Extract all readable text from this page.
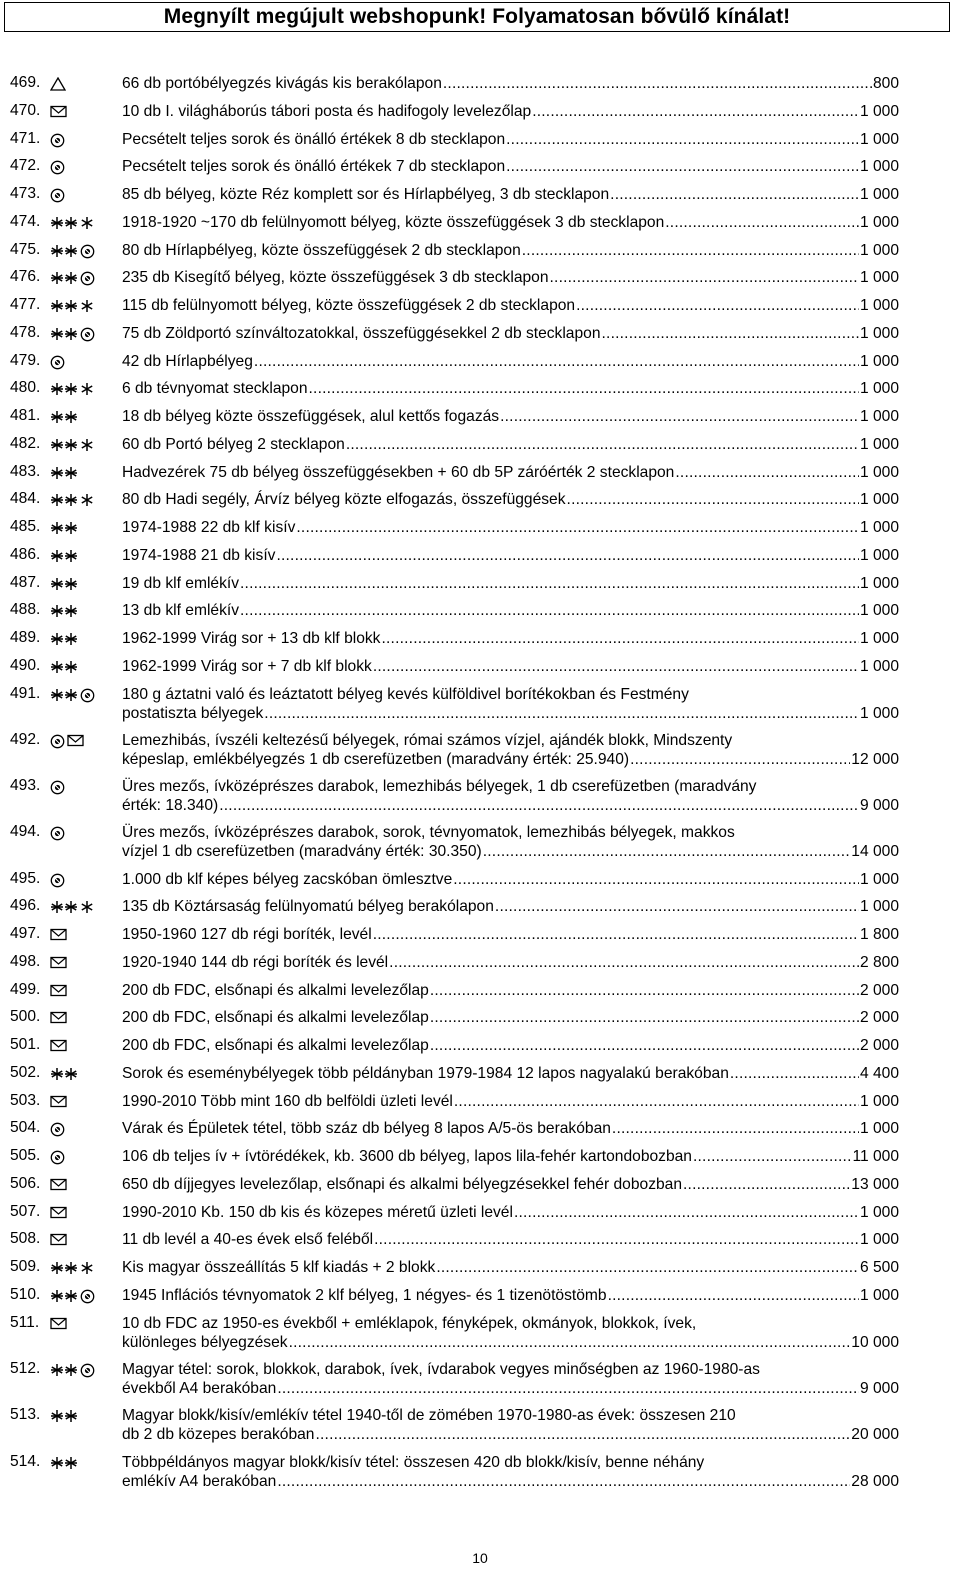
Megnyílt megújult webshopunk! Folyamatosan bővülő kínálat!
469.	66 db portóbélyegzés kivágás kis berakólapon .....	800
470.	10 db I. világháborús tábori posta és hadifogoly levelezőlap .....	1 000
471.	Pecsételt teljes sorok és önálló értékek 8 db stecklapon .....	1 000
472.	Pecsételt teljes sorok és önálló értékek 7 db stecklapon .....	1 000
473.	85 db bélyeg, közte Réz komplett sor és Hírlapbélyeg, 3 db stecklapon .....	1 000
474.	1918-1920 ~170 db felülnyomott bélyeg, közte összefüggések 3 db stecklapon .....	1 000
475.	80 db Hírlapbélyeg, közte összefüggések 2 db stecklapon .....	1 000
476.	235 db Kisegítő bélyeg, közte összefüggések 3 db stecklapon .....	1 000
477.	115 db felülnyomott bélyeg, közte összefüggések 2 db stecklapon .....	1 000
478.	75 db Zöldportó színváltozatokkal, összefüggésekkel 2 db stecklapon .....	1 000
479.	42 db Hírlapbélyeg .....	1 000
480.	6 db tévnyomat stecklapon .....	1 000
481.	18 db bélyeg közte összefüggések, alul kettős fogazás .....	1 000
482.	60 db Portó bélyeg 2 stecklapon .....	1 000
483.	Hadvezérek 75 db bélyeg összefüggésekben + 60 db 5P záróérték 2 stecklapon .....	1 000
484.	80 db Hadi segély, Árvíz bélyeg közte elfogazás, összefüggések .....	1 000
485.	1974-1988 22 db klf kisív .....	1 000
486.	1974-1988 21 db kisív .....	1 000
487.	19 db klf emlékív .....	1 000
488.	13 db klf emlékív .....	1 000
489.	1962-1999 Virág sor + 13 db klf blokk .....	1 000
490.	1962-1999 Virág sor + 7 db klf blokk .....	1 000
491.	180 g áztatni való és leáztatott bélyeg kevés külföldivel borítékokban és Festmény
postatiszta bélyegek .....	1 000
492.	Lemezhibás, ívszéli keltezésű bélyegek, római számos vízjel, ajándék blokk, Mindszenty
képeslap, emlékbélyegzés 1 db cserefüzetben (maradvány érték: 25.940) .....	12 000
493.	Üres mezős, ívközéprészes darabok, lemezhibás bélyegek, 1 db cserefüzetben (maradvány
érték: 18.340) .....	9 000
494.	Üres mezős, ívközéprészes darabok, sorok, tévnyomatok, lemezhibás bélyegek, makkos
vízjel 1 db cserefüzetben (maradvány érték: 30.350) .....	14 000
495.	1.000 db klf képes bélyeg zacskóban ömlesztve .....	1 000
496.	135 db Köztársaság felülnyomatú bélyeg berakólapon .....	1 000
497.	1950-1960 127 db régi boríték, levél .....	1 800
498.	1920-1940 144 db régi boríték és levél .....	2 800
499.	200 db FDC, elsőnapi és alkalmi levelezőlap .....	2 000
500.	200 db FDC, elsőnapi és alkalmi levelezőlap .....	2 000
501.	200 db FDC, elsőnapi és alkalmi levelezőlap .....	2 000
502.	Sorok és eseménybélyegek több példányban 1979-1984 12 lapos nagyalakú berakóban .....	4 400
503.	1990-2010 Több mint 160 db belföldi üzleti levél .....	1 000
504.	Várak és Épületek tétel, több száz db bélyeg 8 lapos A/5-ös berakóban .....	1 000
505.	106 db teljes ív + ívtörédékek, kb. 3600 db bélyeg, lapos lila-fehér kartondobozban .....	11 000
506.	650 db díjjegyes levelezőlap, elsőnapi és alkalmi bélyegzésekkel fehér dobozban .....	13 000
507.	1990-2010 Kb. 150 db kis és közepes méretű üzleti levél .....	1 000
508.	11 db levél a 40-es évek első feléből .....	1 000
509.	Kis magyar összeállítás 5 klf kiadás + 2 blokk .....	6 500
510.	1945 Inflációs tévnyomatok 2 klf bélyeg, 1 négyes- és 1 tizenötöstömb .....	1 000
511.	10 db FDC az 1950-es évekből + emléklapok, fényképek, okmányok, blokkok, ívek,
különleges bélyegzések .....	10 000
512.	Magyar tétel: sorok, blokkok, darabok, ívek, ívdarabok vegyes minőségben az 1960-1980-as
évekből A4 berakóban .....	9 000
513.	Magyar blokk/kisív/emlékív tétel 1940-től de zömében 1970-1980-as évek: összesen 210
db 2 db közepes berakóban .....	20 000
514.	Többpéldányos magyar blokk/kisív tétel: összesen 420 db blokk/kisív, benne néhány
emlékív A4 berakóban .....	28 000
10
